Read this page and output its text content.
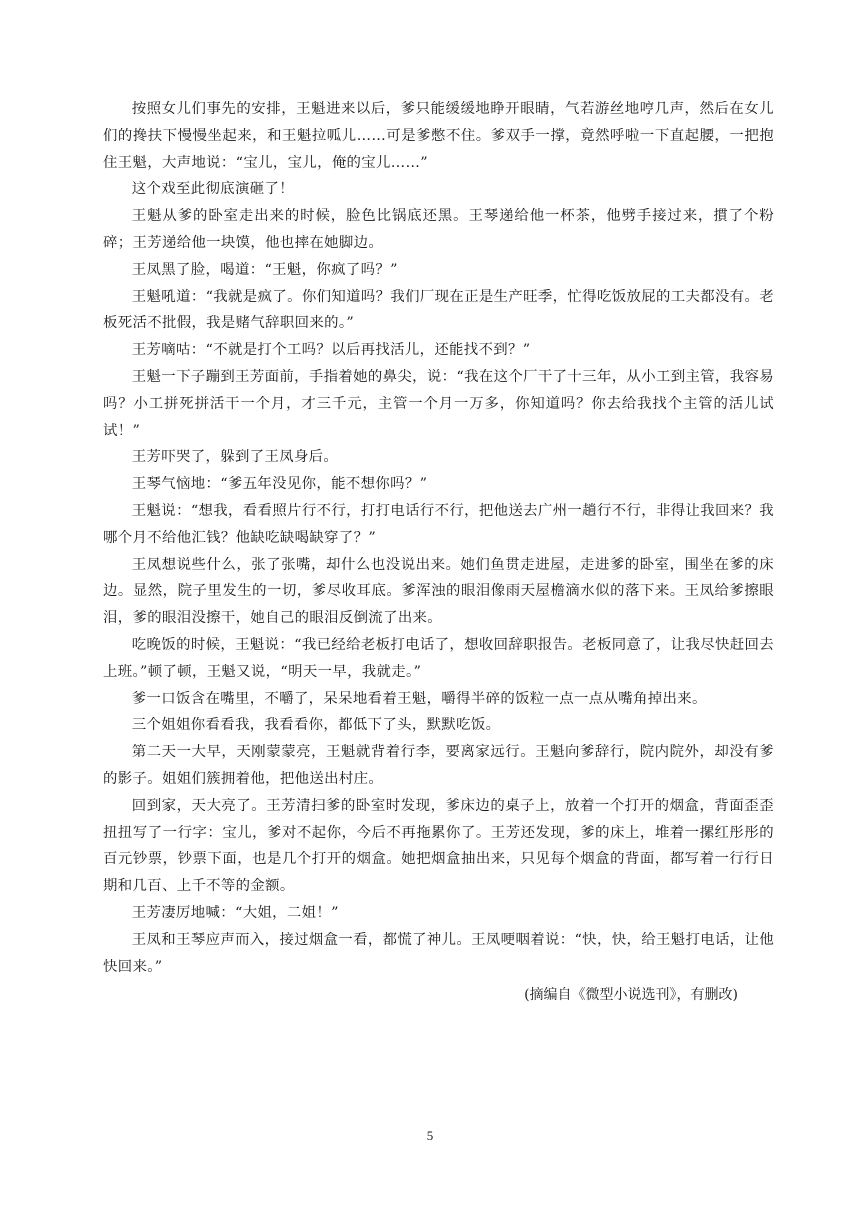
按照女儿们事先的安排，王魁进来以后，爹只能缓缓地睁开眼睛，气若游丝地哼几声，然后在女儿们的搀扶下慢慢坐起来，和王魁拉呱儿……可是爹憋不住。爹双手一撑，竟然呼啦一下直起腰，一把抱住王魁，大声地说：“宝儿，宝儿，俺的宝儿……”

这个戏至此彻底演砸了！

王魁从爹的卧室走出来的时候，脸色比锅底还黑。王琴递给他一杯茶，他劈手接过来，摜了个粉碎；王芳递给他一块馍，他也摔在她脚边。

王凤黑了脸，喝道：“王魁，你疯了吗？”

王魁吼道：“我就是疯了。你们知道吗？我们厂现在正是生产旺季，忙得吃饭放屁的工夫都没有。老板死活不批假，我是赌气辞职回来的。”

王芳嘀咕：“不就是打个工吗？以后再找活儿，还能找不到？”

王魁一下子蹦到王芳面前，手指着她的鼻尖，说：“我在这个厂干了十三年，从小工到主管，我容易吗？小工拼死拼活干一个月，才三千元，主管一个月一万多，你知道吗？你去给我找个主管的活儿试试！”

王芳吓哭了，躲到了王凤身后。

王琴气恼地：“爹五年没见你，能不想你吗？”

王魁说：“想我，看看照片行不行，打打电话行不行，把他送去广州一趟行不行，非得让我回来？我哪个月不给他汇钱？他缺吃缺喝缺穿了？”

王凤想说些什么，张了张嘴，却什么也没说出来。她们鱼贯走进屋，走进爹的卧室，围坐在爹的床边。显然，院子里发生的一切，爹尽收耳底。爹浑浊的眼泪像雨天屋檐滴水似的落下来。王凤给爹擦眼泪，爹的眼泪没擦干，她自己的眼泪反倒流了出来。

吃晚饭的时候，王魁说：“我已经给老板打电话了，想收回辞职报告。老板同意了，让我尽快赶回去上班。”顿了顿，王魁又说，“明天一早，我就走。”

爹一口饭含在嘴里，不嚼了，呆呆地看着王魁，嚼得半碎的饭粒一点一点从嘴角掉出来。

三个姐姐你看看我，我看看你，都低下了头，默默吃饭。

第二天一大早，天刚蒙蒙亮，王魁就背着行李，要离家远行。王魁向爹辞行，院内院外，却没有爹的影子。姐姐们簇拥着他，把他送出村庄。

回到家，天大亮了。王芳清扫爹的卧室时发现，爹床边的桌子上，放着一个打开的烟盒，背面歪歪扭扭写了一行字：宝儿，爹对不起你，今后不再拖累你了。王芳还发现，爹的床上，堆着一摞红彤彤的百元钞票，钞票下面，也是几个打开的烟盒。她把烟盒抽出来，只见每个烟盒的背面，都写着一行行日期和几百、上千不等的金额。

王芳凄厉地喊：“大姐，二姐！”

王凤和王琴应声而入，接过烟盒一看，都慌了神儿。王凤哽咽着说：“快，快，给王魁打电话，让他快回来。”

(摘编自《微型小说选刊》，有删改)

5
